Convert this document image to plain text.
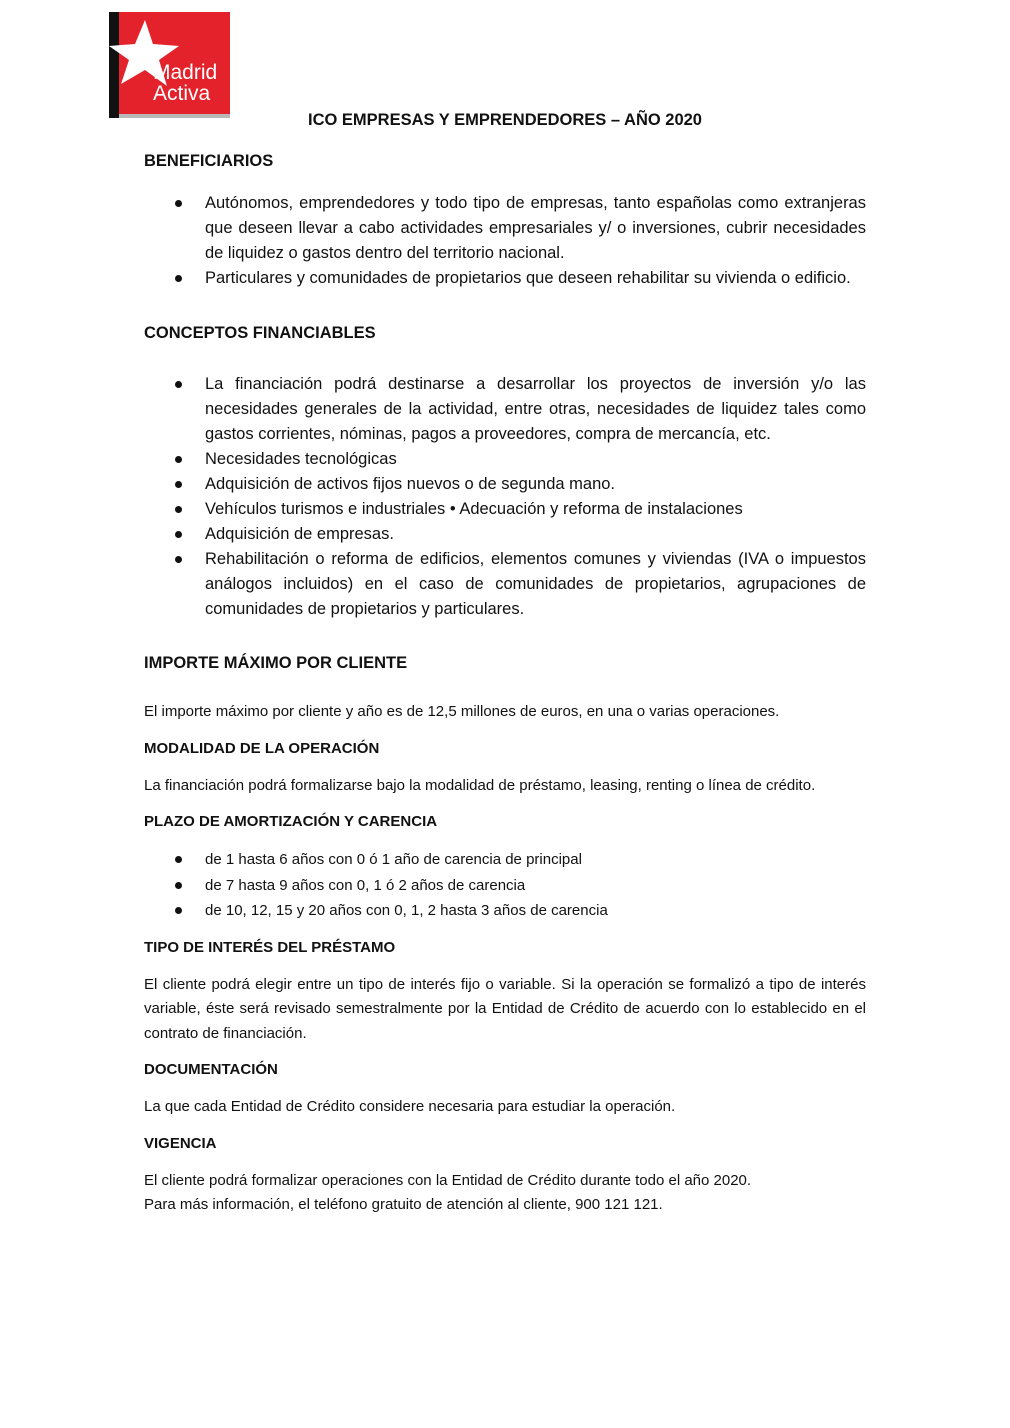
Madrid
Activa
ICO EMPRESAS Y EMPRENDEDORES – AÑO 2020
BENEFICIARIOS
Autónomos, emprendedores y todo tipo de empresas, tanto españolas como extranjeras que deseen llevar a cabo actividades empresariales y/ o inversiones, cubrir necesidades de liquidez o gastos dentro del territorio nacional.
Particulares y comunidades de propietarios que deseen rehabilitar su vivienda o edificio.
CONCEPTOS FINANCIABLES
La financiación podrá destinarse a desarrollar los proyectos de inversión y/o las necesidades generales de la actividad, entre otras, necesidades de liquidez tales como gastos corrientes, nóminas, pagos a proveedores, compra de mercancía, etc.
Necesidades tecnológicas
Adquisición de activos fijos nuevos o de segunda mano.
Vehículos turismos e industriales • Adecuación y reforma de instalaciones
Adquisición de empresas.
Rehabilitación o reforma de edificios, elementos comunes y viviendas (IVA o impuestos análogos incluidos) en el caso de comunidades de propietarios, agrupaciones de comunidades de propietarios y particulares.
IMPORTE MÁXIMO POR CLIENTE

El importe máximo por cliente y año es de 12,5 millones de euros, en una o varias operaciones.

MODALIDAD DE LA OPERACIÓN

La financiación podrá formalizarse bajo la modalidad de préstamo, leasing, renting o línea de crédito.

PLAZO DE AMORTIZACIÓN Y CARENCIA
de 1 hasta 6 años con 0 ó 1 año de carencia de principal
de 7 hasta 9 años con 0, 1 ó 2 años de carencia
de 10, 12, 15 y 20 años con 0, 1, 2 hasta 3 años de carencia
TIPO DE INTERÉS DEL PRÉSTAMO

El cliente podrá elegir entre un tipo de interés fijo o variable. Si la operación se formalizó a tipo de interés variable, éste será revisado semestralmente por la Entidad de Crédito de acuerdo con lo establecido en el contrato de financiación.

DOCUMENTACIÓN

La que cada Entidad de Crédito considere necesaria para estudiar la operación.

VIGENCIA

El cliente podrá formalizar operaciones con la Entidad de Crédito durante todo el año 2020.

Para más información, el teléfono gratuito de atención al cliente, 900 121 121.
